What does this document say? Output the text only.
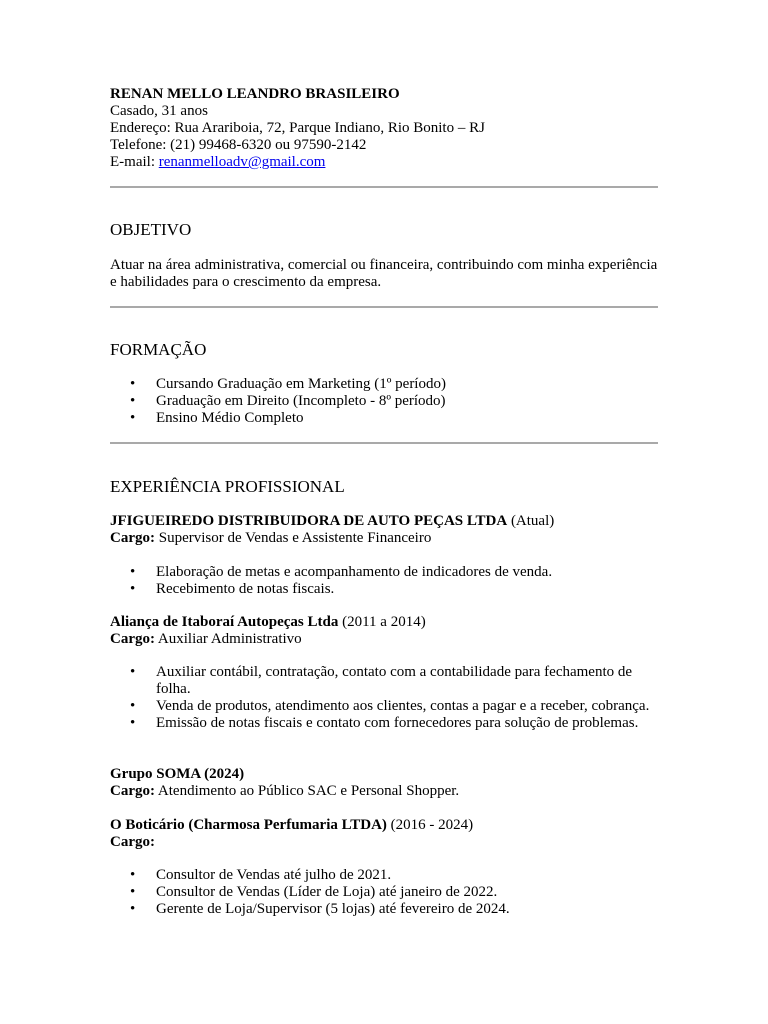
RENAN MELLO LEANDRO BRASILEIRO
Casado, 31 anos
Endereço: Rua Arariboia, 72, Parque Indiano, Rio Bonito – RJ
Telefone: (21) 99468-6320 ou 97590-2142
E-mail: renanmelloadv@gmail.com
OBJETIVO

Atuar na área administrativa, comercial ou financeira, contribuindo com minha experiência e habilidades para o crescimento da empresa.

FORMAÇÃO
• Cursando Graduação em Marketing (1º período)
• Graduação em Direito (Incompleto - 8º período)
• Ensino Médio Completo
EXPERIÊNCIA PROFISSIONAL
JFIGUEIREDO DISTRIBUIDORA DE AUTO PEÇAS LTDA (Atual)
Cargo: Supervisor de Vendas e Assistente Financeiro
• Elaboração de metas e acompanhamento de indicadores de venda.
• Recebimento de notas fiscais.
Aliança de Itaboraí Autopeças Ltda (2011 a 2014)
Cargo: Auxiliar Administrativo
• Auxiliar contábil, contratação, contato com a contabilidade para fechamento de folha.
• Venda de produtos, atendimento aos clientes, contas a pagar e a receber, cobrança.
• Emissão de notas fiscais e contato com fornecedores para solução de problemas.
Grupo SOMA (2024)
Cargo: Atendimento ao Público SAC e Personal Shopper.
O Boticário (Charmosa Perfumaria LTDA) (2016 - 2024)
Cargo:
• Consultor de Vendas até julho de 2021.
• Consultor de Vendas (Líder de Loja) até janeiro de 2022.
• Gerente de Loja/Supervisor (5 lojas) até fevereiro de 2024.
